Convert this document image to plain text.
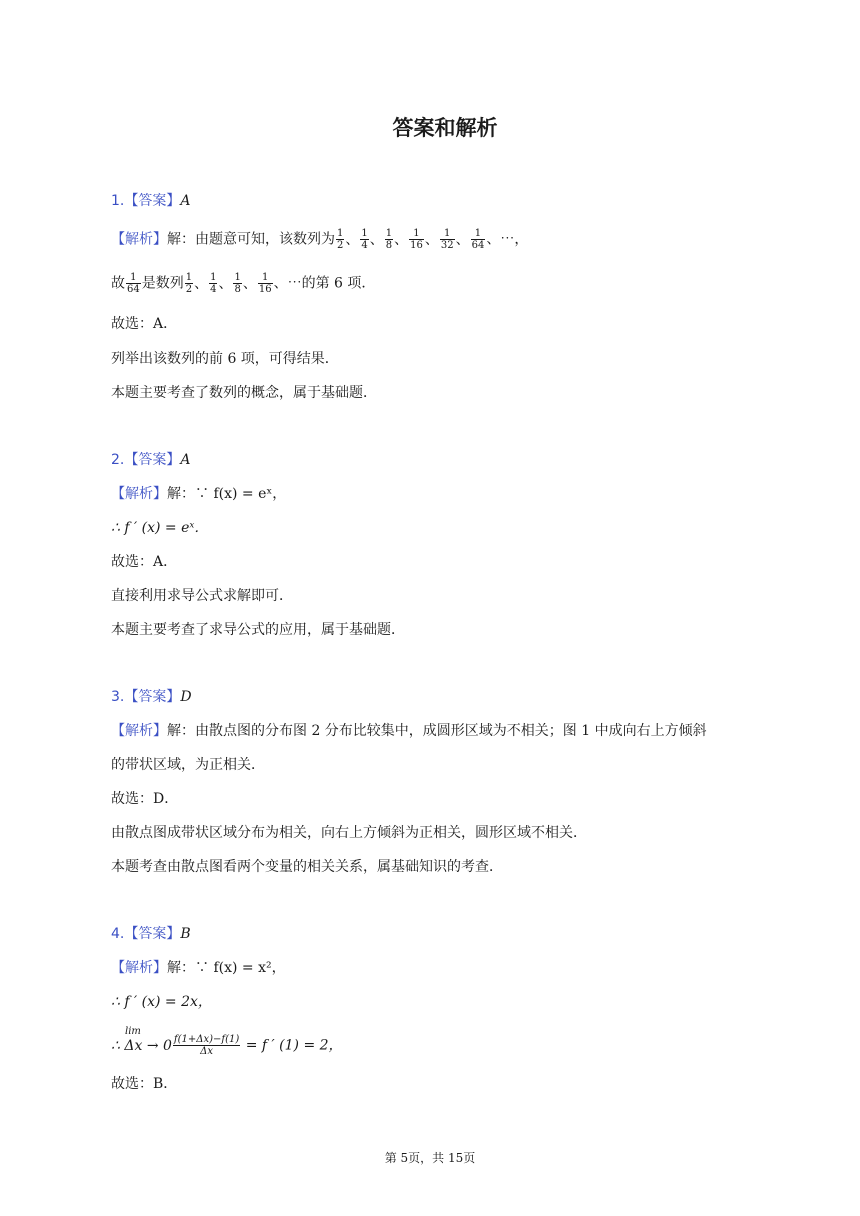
答案和解析
1.【答案】A
【解析】解：由题意可知，该数列为 $\frac{1}{2}$ 、 $\frac{1}{4}$ 、 $\frac{1}{8}$ 、 $\frac{1}{16}$ 、 $\frac{1}{32}$ 、 $\frac{1}{64}$ 、⋯，
故 $\frac{1}{64}$ 是数列 $\frac{1}{2}$ 、 $\frac{1}{4}$ 、 $\frac{1}{8}$ 、 $\frac{1}{16}$ 、⋯的第 6 项．
故选：A．
列举出该数列的前 6 项，可得结果．
本题主要考查了数列的概念，属于基础题．
2.【答案】A
【解析】解：∵ f(x) = eˣ，
∴ f ′ (x) = eˣ．
故选：A．
直接利用求导公式求解即可．
本题主要考查了求导公式的应用，属于基础题．
3.【答案】D
【解析】解：由散点图的分布图 2 分布比较集中，成圆形区域为不相关；图 1 中成向右上方倾斜
的带状区域，为正相关．
故选：D．
由散点图成带状区域分布为相关，向右上方倾斜为正相关，圆形区域不相关．
本题考查由散点图看两个变量的相关关系，属基础知识的考查．
4.【答案】B
【解析】解：∵ f(x) = x²，
∴ f ′ (x) = 2x，
lim
∴ $\Delta x \to 0 \frac{f(1+\Delta x)-f(1)}{\Delta x} = f$ ′ (1) = 2，
故选：B．
第 5页，共 15页
